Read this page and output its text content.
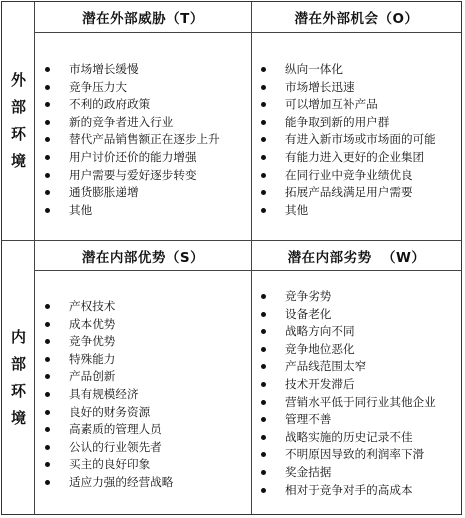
外部环境
内部环境
潜在外部威胁（T）	潜在外部机会（O）
潜在内部优势（S）	潜在内部劣势  （W）
市场增长缓慢
竞争压力大
不利的政府政策
新的竞争者进入行业
替代产品销售额正在逐步上升
用户讨价还价的能力增强
用户需要与爱好逐步转变
通货膨胀递增
其他
纵向一体化
市场增长迅速
可以增加互补产品
能争取到新的用户群
有进入新市场或市场面的可能
有能力进入更好的企业集团
在同行业中竞争业绩优良
拓展产品线满足用户需要
其他
产权技术
成本优势
竞争优势
特殊能力
产品创新
具有规模经济
良好的财务资源
高素质的管理人员
公认的行业领先者
买主的良好印象
适应力强的经营战略
竞争劣势
设备老化
战略方向不同
竞争地位恶化
产品线范围太窄
技术开发滞后
营销水平低于同行业其他企业
管理不善
战略实施的历史记录不佳
不明原因导致的利润率下滑
奖金拮据
相对于竞争对手的高成本
